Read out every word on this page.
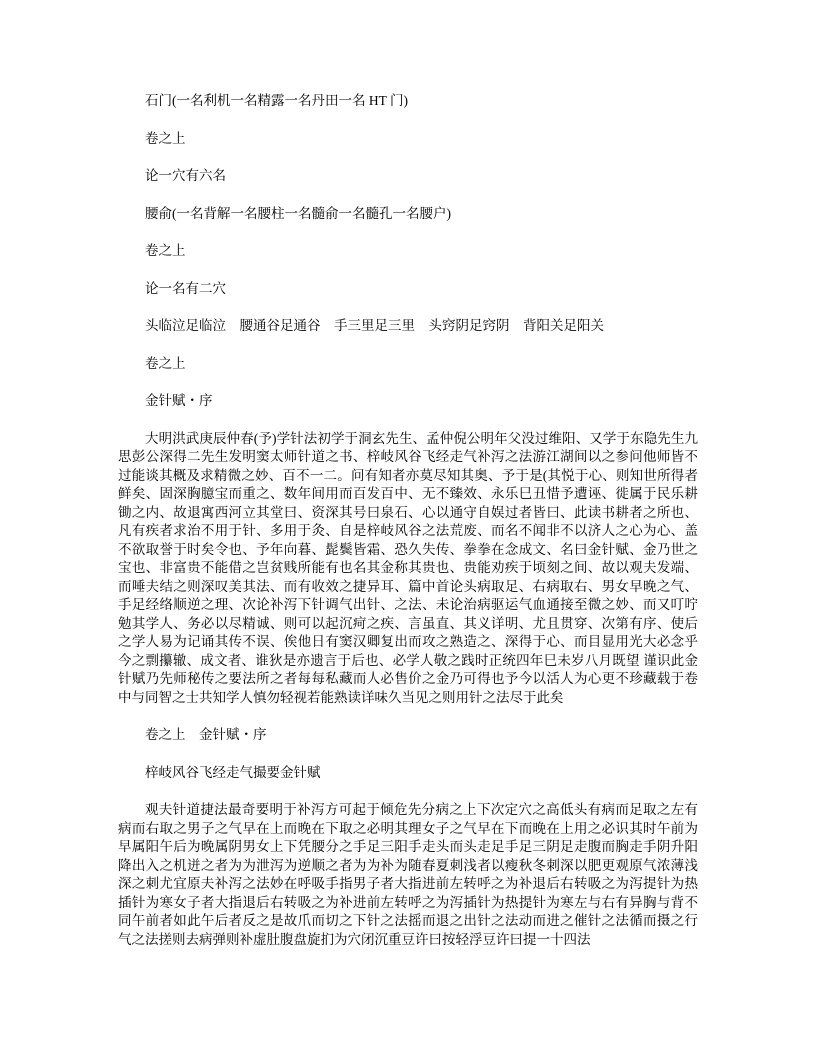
石门(一名利机一名精露一名丹田一名 HT 门)

卷之上

论一穴有六名

腰俞(一名背解一名腰柱一名髓俞一名髓孔一名腰户)

卷之上

论一名有二穴

头临泣足临泣　腰通谷足通谷　手三里足三里　头窍阴足窍阴　背阳关足阳关

卷之上

金针赋・序

大明洪武庚辰仲春(予)学针法初学于洞玄先生、孟仲倪公明年父没过维阳、又学于东隐先生九思彭公深得二先生发明窦太师针道之书、梓岐风谷飞经走气补泻之法游江湖间以之参问他师皆不过能谈其概及求精微之妙、百不一二。问有知者亦莫尽知其奥、予于是(其悦于心、则知世所得者鲜矣、固深胸臆宝而重之、数年间用而百发百中、无不臻效、永乐巳丑惜予遭诬、徙属于民乐耕锄之内、故退寓西河立其堂曰、资深其号曰泉石、心以通守自娱过者皆曰、此读书耕者之所也、凡有疾者求治不用于针、多用于灸、自是梓岐风谷之法荒废、而名不闻非不以济人之心为心、盖不欲取誉于时矣令也、予年向暮、髭鬓皆霜、恐久失传、拳拳在念成文、名曰金针赋、金乃世之宝也、非富贵不能借之岂贫贱所能有也名其金称其贵也、贵能劝疾于顷刻之间、故以观夫发端、而唾夫结之则深叹美其法、而有收效之捷异耳、篇中首论头病取足、右病取右、男女早晚之气、手足经络顺逆之理、次论补泻下针调气出针、之法、未论治病驱运气血通接至微之妙、而又叮咛勉其学人、务必以尽精诚、则可以起沉疴之疾、言虽直、其义详明、尤且贯穿、次第有序、使后之学人易为记诵其传不误、俟他日有窦汉卿复出而攻之熟造之、深得于心、而目显用光大必念乎今之剽攥辙、成文者、谁狄是亦遗言于后也、必学人敬之践时正统四年巳未岁八月既望 谨识此金针赋乃先师秘传之要法所之者每每私藏而人必售价之金乃可得也予今以活人为心更不珍藏载于卷中与同智之士共知学人慎勿轻视若能熟读详味久当见之则用针之法尽于此矣

卷之上　金针赋・序

梓岐风谷飞经走气撮要金针赋

观夫针道捷法最奇要明于补泻方可起于倾危先分病之上下次定穴之高低头有病而足取之左有病而右取之男子之气早在上而晚在下取之必明其理女子之气早在下而晚在上用之必识其时午前为早属阳午后为晚属阴男女上下凭腰分之手足三阳手走头而头走足手足三阴足走腹而胸走手阴升阳降出入之机迸之者为为泄泻为逆顺之者为为补为随春夏刺浅者以瘦秋冬刺深以肥更观原气浓薄浅深之刺尤宜原夫补泻之法妙在呼吸手指男子者大指进前左转呼之为补退后右转吸之为泻提针为热插针为寒女子者大指退后右转吸之为补进前左转呼之为泻插针为热提针为寒左与右有异胸与背不同午前者如此午后者反之是故爪而切之下针之法摇而退之出针之法动而进之催针之法循而摄之行气之法搓则去病弹则补虚肚腹盘旋扪为穴闭沉重豆许曰按轻浮豆许曰提一十四法
